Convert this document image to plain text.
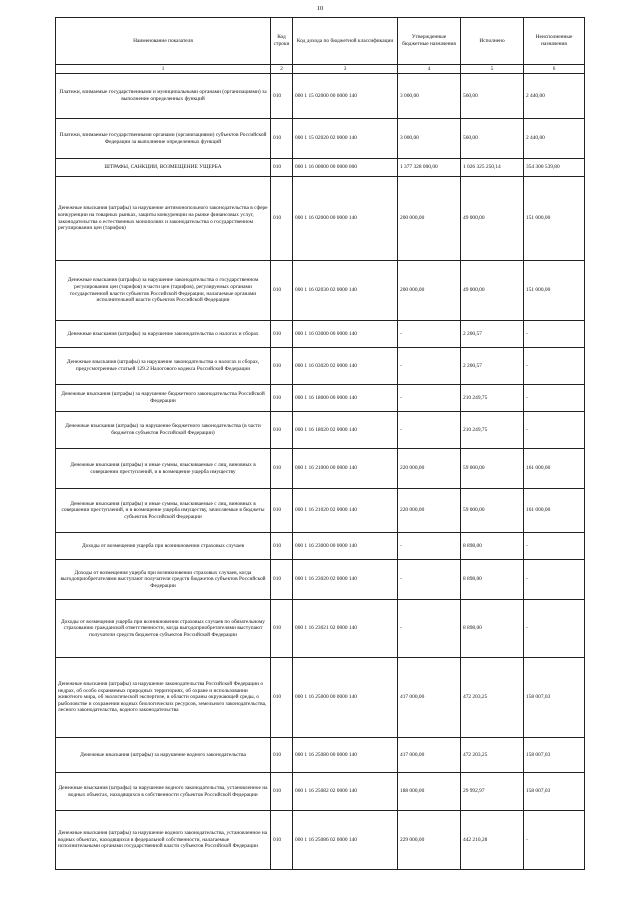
10
Наименование показателя	Код строки	Код дохода по бюджетной классификации	Утвержденные бюджетные назначения	Исполнено	Неисполненные назначения
1	2	3	4	5	6
Платежи, взимаемые государственными и муниципальными органами (организациями) за выполнение определенных функций	010	000 1 15 02000 00 0000 140	3 000,00	560,00	2 440,00
Платежи, взимаемые государственными органами (организациями) субъектов Российской Федерации за выполнение определенных функций	010	000 1 15 02020 02 0000 140	3 000,00	560,00	2 440,00
ШТРАФЫ, САНКЦИИ, ВОЗМЕЩЕНИЕ УЩЕРБА	010	000 1 16 00000 00 0000 000	1 377 328 000,00	1 026 325 250,14	354 300 539,80
Денежные взыскания (штрафы) за нарушение антимонопольного законодательства в сфере конкуренции на товарных рынках, защиты конкуренции на рынке финансовых услуг, законодательства о естественных монополиях и законодательства о государственном регулировании цен (тарифов)	010	000 1 16 02000 00 0000 140	200 000,00	49 000,00	151 000,00
Денежные взыскания (штрафы) за нарушение законодательства о государственном регулировании цен (тарифов) в части цен (тарифов), регулируемых органами государственной власти субъектов Российской Федерации, налагаемые органами исполнительной власти субъектов Российской Федерации	010	000 1 16 02030 02 0000 140	200 000,00	49 000,00	151 000,00
Денежные взыскания (штрафы) за нарушение законодательства о налогах и сборах	010	000 1 16 03000 00 0000 140	-	2 200,57	-
Денежные взыскания (штрафы) за нарушение законодательства о налогах и сборах, предусмотренные статьей 129.2 Налогового кодекса Российской Федерации	010	000 1 16 03020 02 0000 140	-	2 200,57	-
Денежные взыскания (штрафы) за нарушение бюджетного законодательства Российской Федерации	010	000 1 16 18000 00 0000 140	-	210 249,75	-
Денежные взыскания (штрафы) за нарушение бюджетного законодательства (в части бюджетов субъектов Российской Федерации)	010	000 1 16 18020 02 0000 140	-	210 249,75	-
Денежные взыскания (штрафы) и иные суммы, взыскиваемые с лиц, виновных в совершении преступлений, и в возмещение ущерба имуществу	010	000 1 16 21000 00 0000 140	220 000,00	59 000,00	161 000,00
Денежные взыскания (штрафы) и иные суммы, взыскиваемые с лиц, виновных в совершении преступлений, и в возмещение ущерба имуществу, зачисляемые в бюджеты субъектов Российской Федерации	010	000 1 16 21020 02 0000 140	220 000,00	59 000,00	161 000,00
Доходы от возмещения ущерба при возникновении страховых случаев	010	000 1 16 23000 00 0000 140	-	8 898,00	-
Доходы от возмещения ущерба при возникновении страховых случаев, когда выгодоприобретателями выступают получатели средств бюджетов субъектов Российской Федерации	010	000 1 16 23020 02 0000 140	-	8 898,00	-
Доходы от возмещения ущерба при возникновении страховых случаев по обязательному страхованию гражданской ответственности, когда выгодоприобретателями выступают получатели средств бюджетов субъектов Российской Федерации	010	000 1 16 23021 02 0000 140	-	8 898,00	-
Денежные взыскания (штрафы) за нарушение законодательства Российской Федерации о недрах, об особо охраняемых природных территориях, об охране и использовании животного мира, об экологической экспертизе, в области охраны окружающей среды, о рыболовстве и сохранении водных биологических ресурсов, земельного законодательства, лесного законодательства, водного законодательства	010	000 1 16 25000 00 0000 140	417 000,00	472 203,25	158 007,03
Денежные взыскания (штрафы) за нарушение водного законодательства	010	000 1 16 25080 00 0000 140	417 000,00	472 203,25	158 007,03
Денежные взыскания (штрафы) за нарушение водного законодательства, установленное на водных объектах, находящихся в собственности субъектов Российской Федерации	010	000 1 16 25082 02 0000 140	188 000,00	29 992,97	158 007,03
Денежные взыскания (штрафы) за нарушение водного законодательства, установленное на водных объектах, находящихся в федеральной собственности, налагаемые исполнительными органами государственной власти субъектов Российской Федерации	010	000 1 16 25086 02 0000 140	229 000,00	442 210,28	-
